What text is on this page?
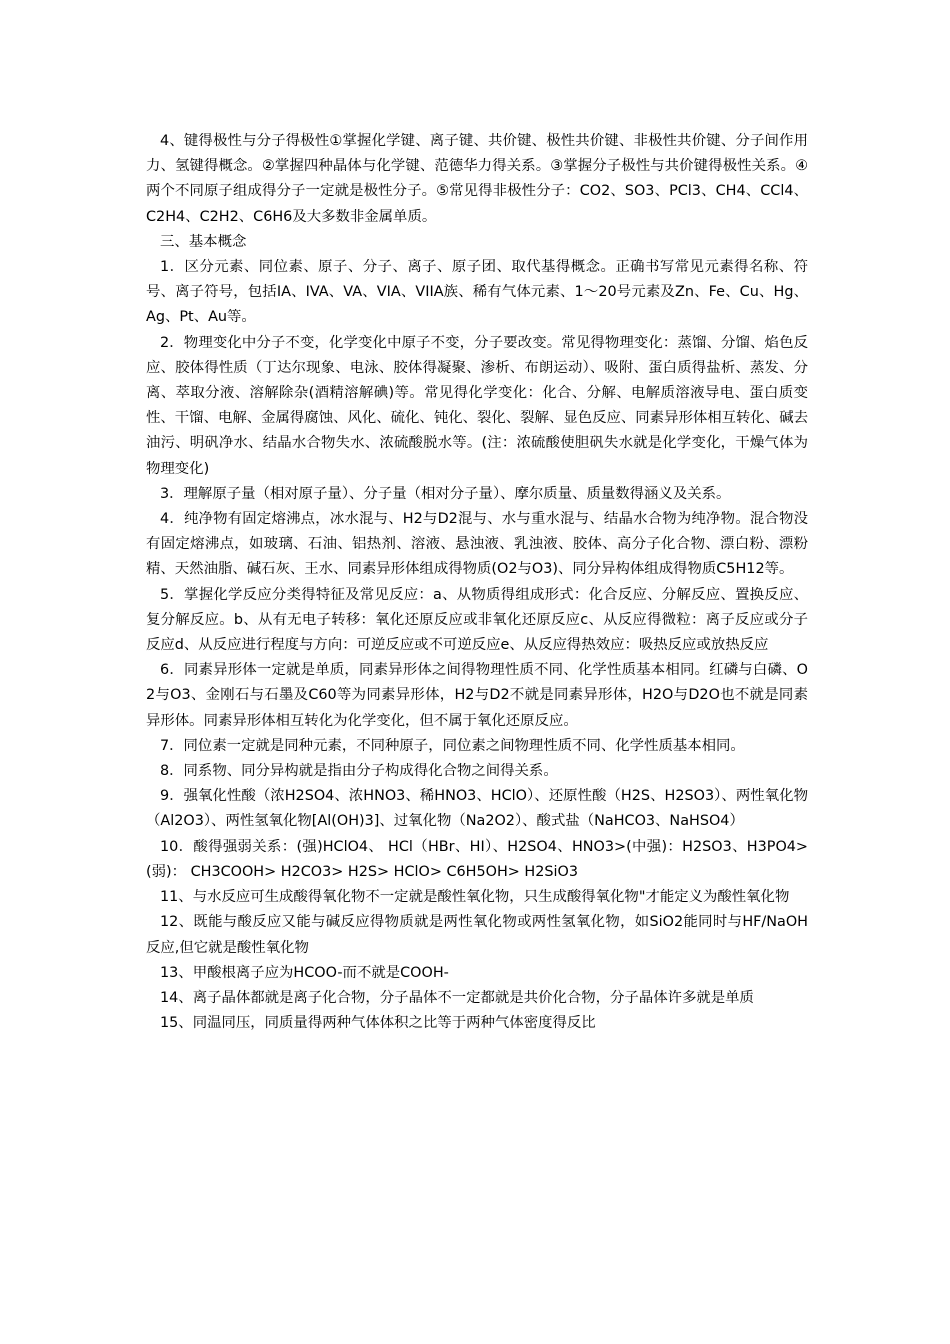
4、键得极性与分子得极性①掌握化学键、离子键、共价键、极性共价键、非极性共价键、分子间作用力、氢键得概念。②掌握四种晶体与化学键、范德华力得关系。③掌握分子极性与共价键得极性关系。④两个不同原子组成得分子一定就是极性分子。⑤常见得非极性分子：CO2、SO3、PCl3、CH4、CCl4、C2H4、C2H2、C6H6及大多数非金属单质。

三、基本概念

1．区分元素、同位素、原子、分子、离子、原子团、取代基得概念。正确书写常见元素得名称、符号、离子符号，包括IA、IVA、VA、VIA、VIIA族、稀有气体元素、1～20号元素及Zn、Fe、Cu、Hg、Ag、Pt、Au等。

2．物理变化中分子不变，化学变化中原子不变，分子要改变。常见得物理变化：蒸馏、分馏、焰色反应、胶体得性质（丁达尔现象、电泳、胶体得凝聚、渗析、布朗运动）、吸附、蛋白质得盐析、蒸发、分离、萃取分液、溶解除杂(酒精溶解碘)等。常见得化学变化：化合、分解、电解质溶液导电、蛋白质变性、干馏、电解、金属得腐蚀、风化、硫化、钝化、裂化、裂解、显色反应、同素异形体相互转化、碱去油污、明矾净水、结晶水合物失水、浓硫酸脱水等。(注：浓硫酸使胆矾失水就是化学变化，干燥气体为物理变化)

3．理解原子量（相对原子量）、分子量（相对分子量）、摩尔质量、质量数得涵义及关系。

4．纯净物有固定熔沸点，冰水混与、H2与D2混与、水与重水混与、结晶水合物为纯净物。混合物没有固定熔沸点，如玻璃、石油、铝热剂、溶液、悬浊液、乳浊液、胶体、高分子化合物、漂白粉、漂粉精、天然油脂、碱石灰、王水、同素异形体组成得物质(O2与O3)、同分异构体组成得物质C5H12等。

5．掌握化学反应分类得特征及常见反应：a、从物质得组成形式：化合反应、分解反应、置换反应、复分解反应。b、从有无电子转移：氧化还原反应或非氧化还原反应c、从反应得微粒：离子反应或分子反应d、从反应进行程度与方向：可逆反应或不可逆反应e、从反应得热效应：吸热反应或放热反应

6．同素异形体一定就是单质，同素异形体之间得物理性质不同、化学性质基本相同。红磷与白磷、O2与O3、金刚石与石墨及C60等为同素异形体，H2与D2不就是同素异形体，H2O与D2O也不就是同素异形体。同素异形体相互转化为化学变化，但不属于氧化还原反应。

7．同位素一定就是同种元素，不同种原子，同位素之间物理性质不同、化学性质基本相同。

8．同系物、同分异构就是指由分子构成得化合物之间得关系。

9．强氧化性酸（浓H2SO4、浓HNO3、稀HNO3、HClO）、还原性酸（H2S、H2SO3）、两性氧化物（Al2O3）、两性氢氧化物[Al(OH)3]、过氧化物（Na2O2）、酸式盐（NaHCO3、NaHSO4）

10．酸得强弱关系：(强)HClO4、 HCl（HBr、HI）、H2SO4、HNO3>(中强)：H2SO3、H3PO4>(弱)： CH3COOH> H2CO3> H2S> HClO> C6H5OH> H2SiO3

11、与水反应可生成酸得氧化物不一定就是酸性氧化物，只生成酸得氧化物"才能定义为酸性氧化物

12、既能与酸反应又能与碱反应得物质就是两性氧化物或两性氢氧化物，如SiO2能同时与HF/NaOH反应,但它就是酸性氧化物

13、甲酸根离子应为HCOO-而不就是COOH-

14、离子晶体都就是离子化合物，分子晶体不一定都就是共价化合物，分子晶体许多就是单质

15、同温同压，同质量得两种气体体积之比等于两种气体密度得反比
